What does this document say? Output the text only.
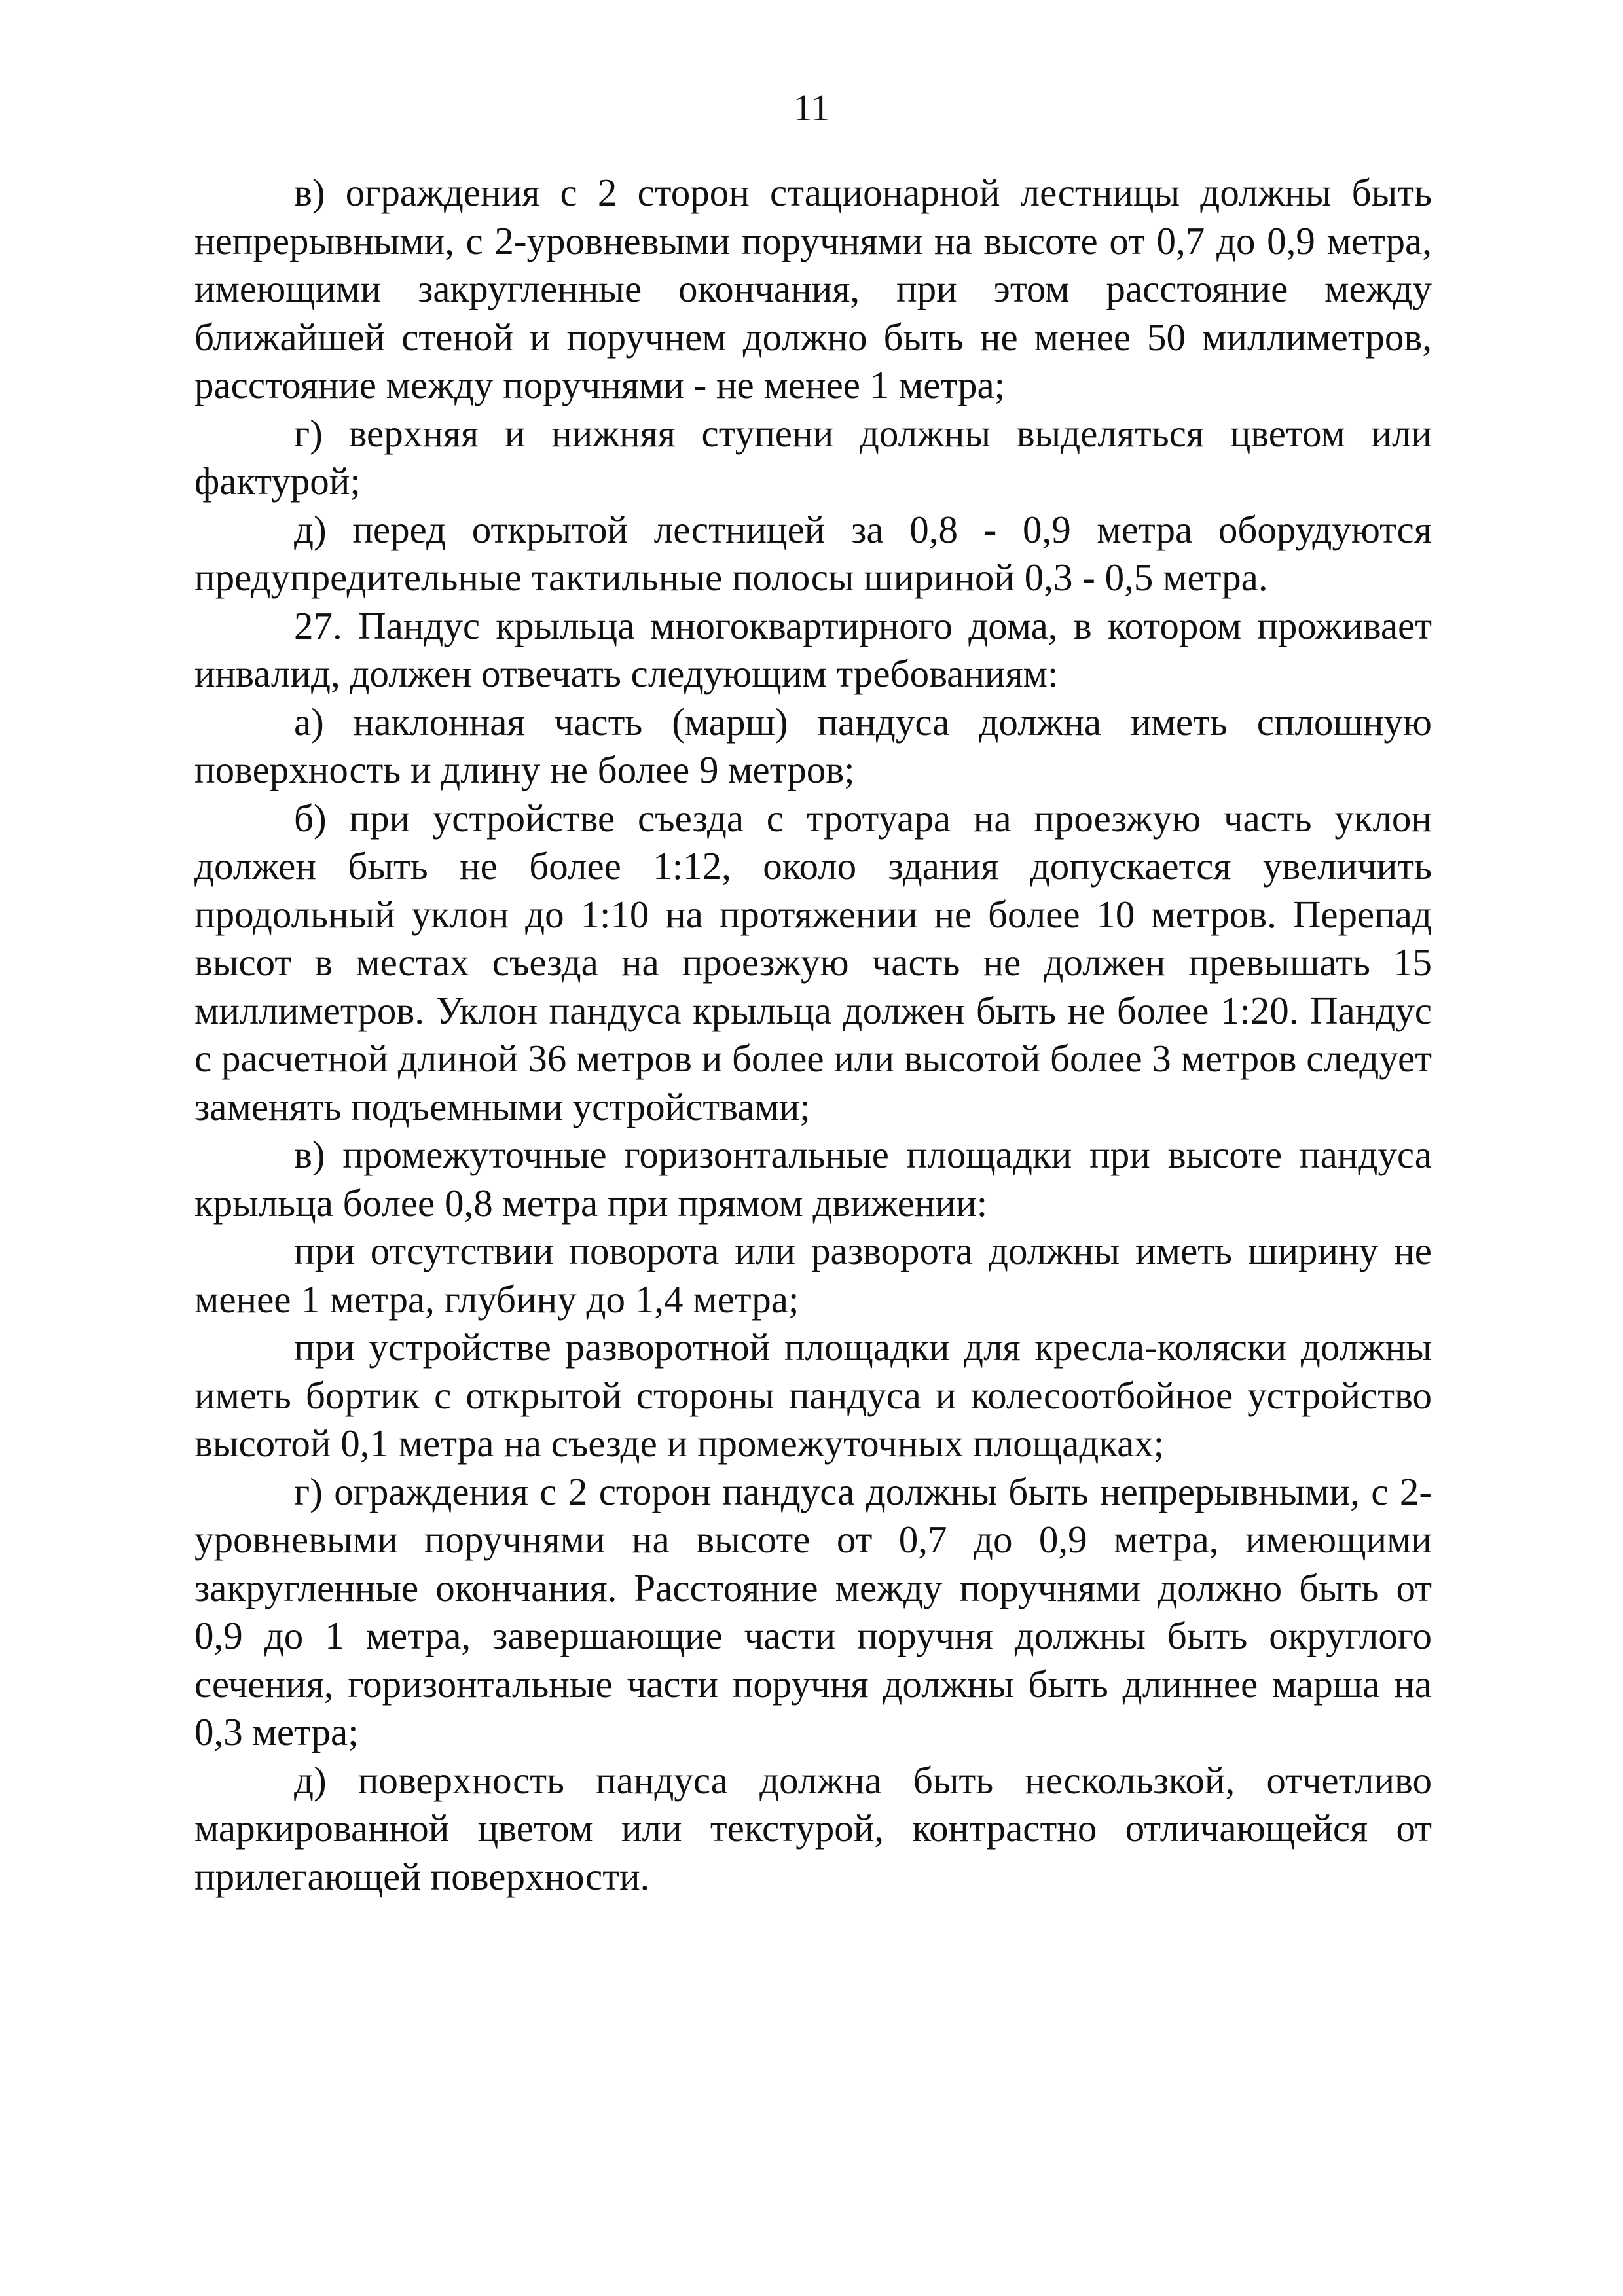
11

в) ограждения с 2 сторон стационарной лестницы должны быть непрерывными, с 2-уровневыми поручнями на высоте от 0,7 до 0,9 метра, имеющими закругленные окончания, при этом расстояние между ближайшей стеной и поручнем должно быть не менее 50 миллиметров, расстояние между поручнями - не менее 1 метра;

г) верхняя и нижняя ступени должны выделяться цветом или фактурой;

д) перед открытой лестницей за 0,8 - 0,9 метра оборудуются предупредительные тактильные полосы шириной 0,3 - 0,5 метра.

27. Пандус крыльца многоквартирного дома, в котором проживает инвалид, должен отвечать следующим требованиям:

а) наклонная часть (марш) пандуса должна иметь сплошную поверхность и длину не более 9 метров;

б) при устройстве съезда с тротуара на проезжую часть уклон должен быть не более 1:12, около здания допускается увеличить продольный уклон до 1:10 на протяжении не более 10 метров. Перепад высот в местах съезда на проезжую часть не должен превышать 15 миллиметров. Уклон пандуса крыльца должен быть не более 1:20. Пандус с расчетной длиной 36 метров и более или высотой более 3 метров следует заменять подъемными устройствами;

в) промежуточные горизонтальные площадки при высоте пандуса крыльца более 0,8 метра при прямом движении:

при отсутствии поворота или разворота должны иметь ширину не менее 1 метра, глубину до 1,4 метра;

при устройстве разворотной площадки для кресла-коляски должны иметь бортик с открытой стороны пандуса и колесоотбойное устройство высотой 0,1 метра на съезде и промежуточных площадках;

г) ограждения с 2 сторон пандуса должны быть непрерывными, с 2-уровневыми поручнями на высоте от 0,7 до 0,9 метра, имеющими закругленные окончания. Расстояние между поручнями должно быть от 0,9 до 1 метра, завершающие части поручня должны быть округлого сечения, горизонтальные части поручня должны быть длиннее марша на 0,3 метра;

д) поверхность пандуса должна быть нескользкой, отчетливо маркированной цветом или текстурой, контрастно отличающейся от прилегающей поверхности.
